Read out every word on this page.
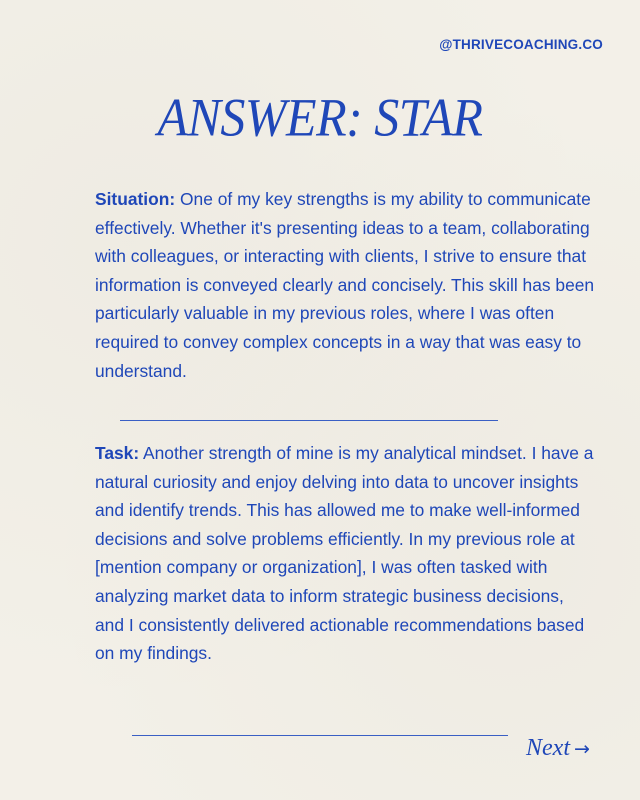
@THRIVECOACHING.CO
ANSWER: STAR
Situation: One of my key strengths is my ability to communicate effectively. Whether it's presenting ideas to a team, collaborating with colleagues, or interacting with clients, I strive to ensure that information is conveyed clearly and concisely. This skill has been particularly valuable in my previous roles, where I was often required to convey complex concepts in a way that was easy to understand.
Task: Another strength of mine is my analytical mindset. I have a natural curiosity and enjoy delving into data to uncover insights and identify trends. This has allowed me to make well-informed decisions and solve problems efficiently. In my previous role at [mention company or organization], I was often tasked with analyzing market data to inform strategic business decisions, and I consistently delivered actionable recommendations based on my findings.
Next →
